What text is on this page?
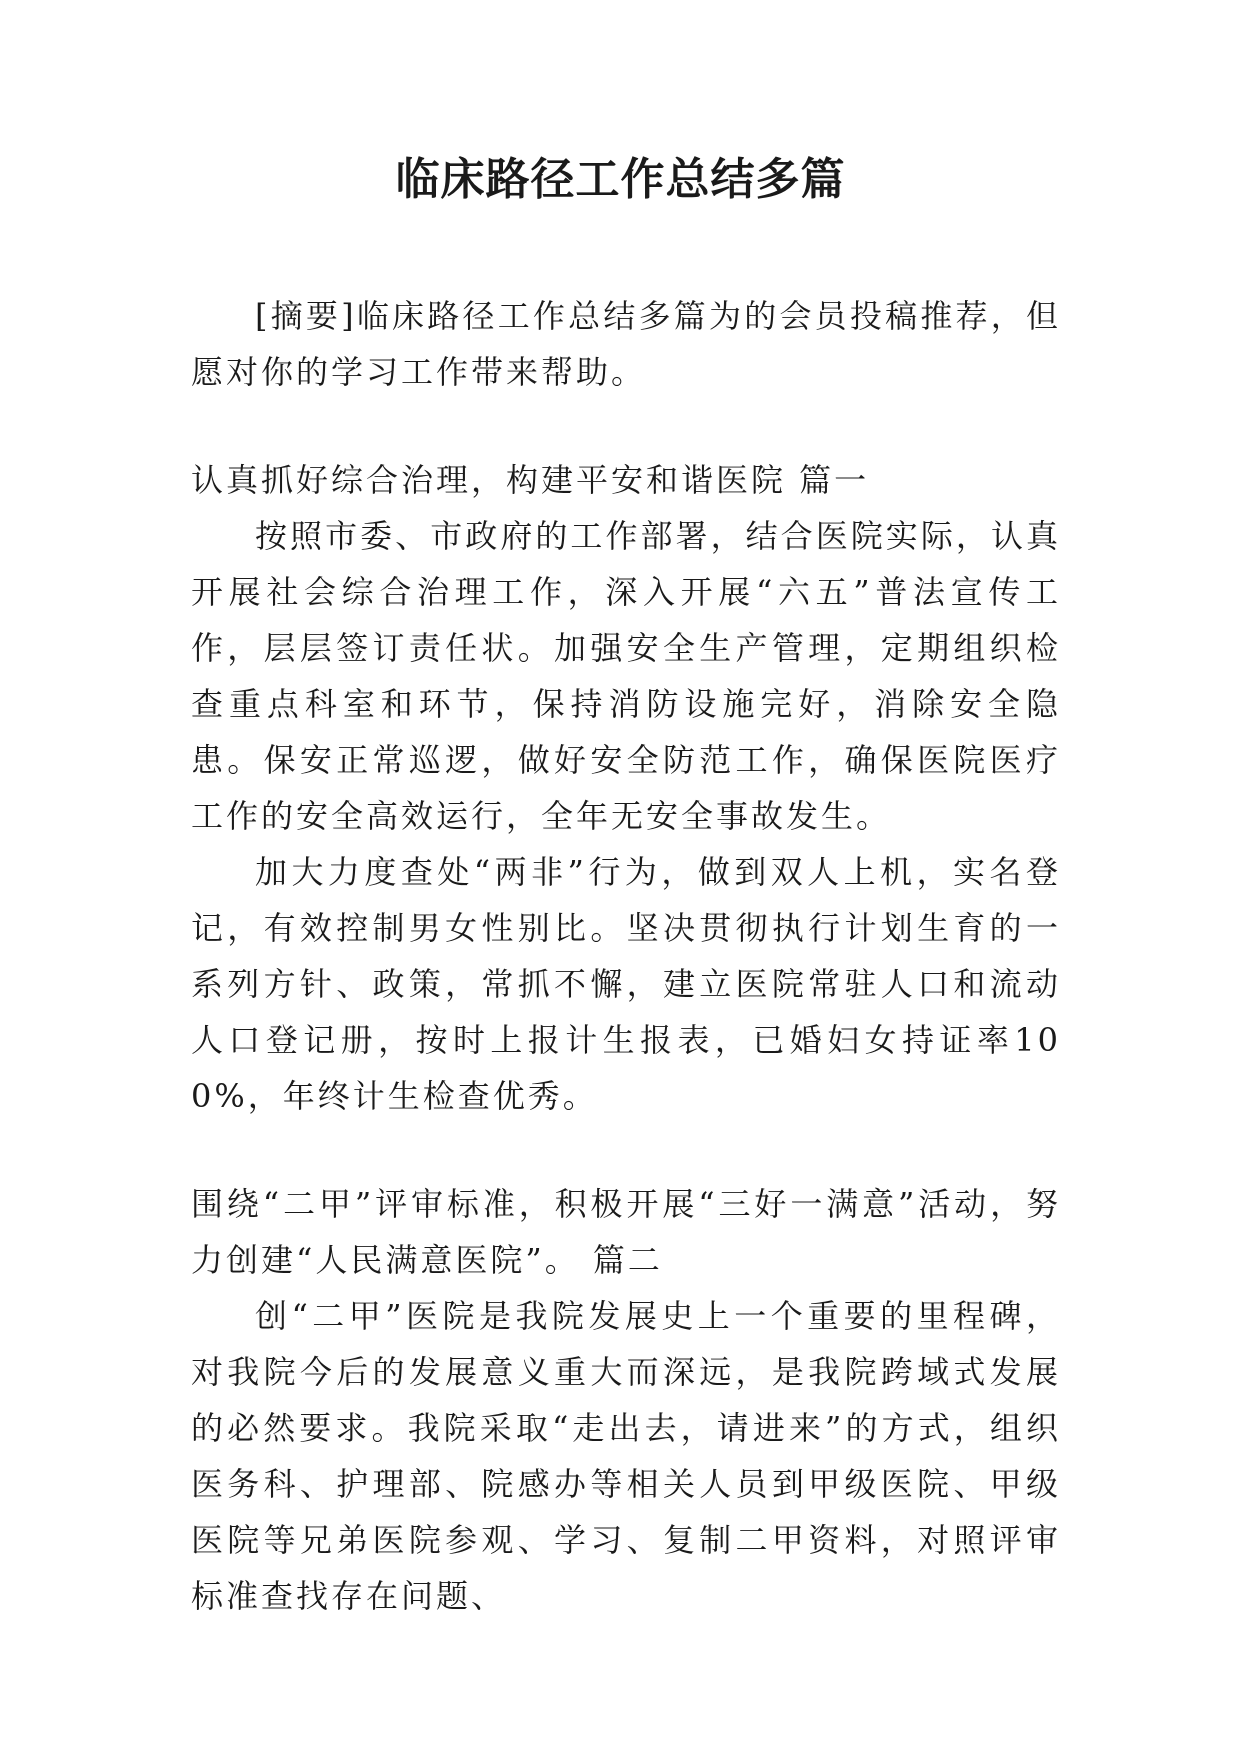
临床路径工作总结多篇

[摘要]临床路径工作总结多篇为的会员投稿推荐，但愿对你的学习工作带来帮助。

认真抓好综合治理，构建平安和谐医院 篇一

按照市委、市政府的工作部署，结合医院实际，认真开展社会综合治理工作，深入开展“六五”普法宣传工作，层层签订责任状。加强安全生产管理，定期组织检查重点科室和环节，保持消防设施完好，消除安全隐患。保安正常巡逻，做好安全防范工作，确保医院医疗工作的安全高效运行，全年无安全事故发生。

加大力度查处“两非”行为，做到双人上机，实名登记，有效控制男女性别比。坚决贯彻执行计划生育的一系列方针、政策，常抓不懈，建立医院常驻人口和流动人口登记册，按时上报计生报表，已婚妇女持证率100%，年终计生检查优秀。

围绕“二甲”评审标准，积极开展“三好一满意”活动，努力创建“人民满意医院”。 篇二

创“二甲”医院是我院发展史上一个重要的里程碑，对我院今后的发展意义重大而深远，是我院跨域式发展的必然要求。我院采取“走出去，请进来”的方式，组织医务科、护理部、院感办等相关人员到甲级医院、甲级医院等兄弟医院参观、学习、复制二甲资料，对照评审标准查找存在问题、
